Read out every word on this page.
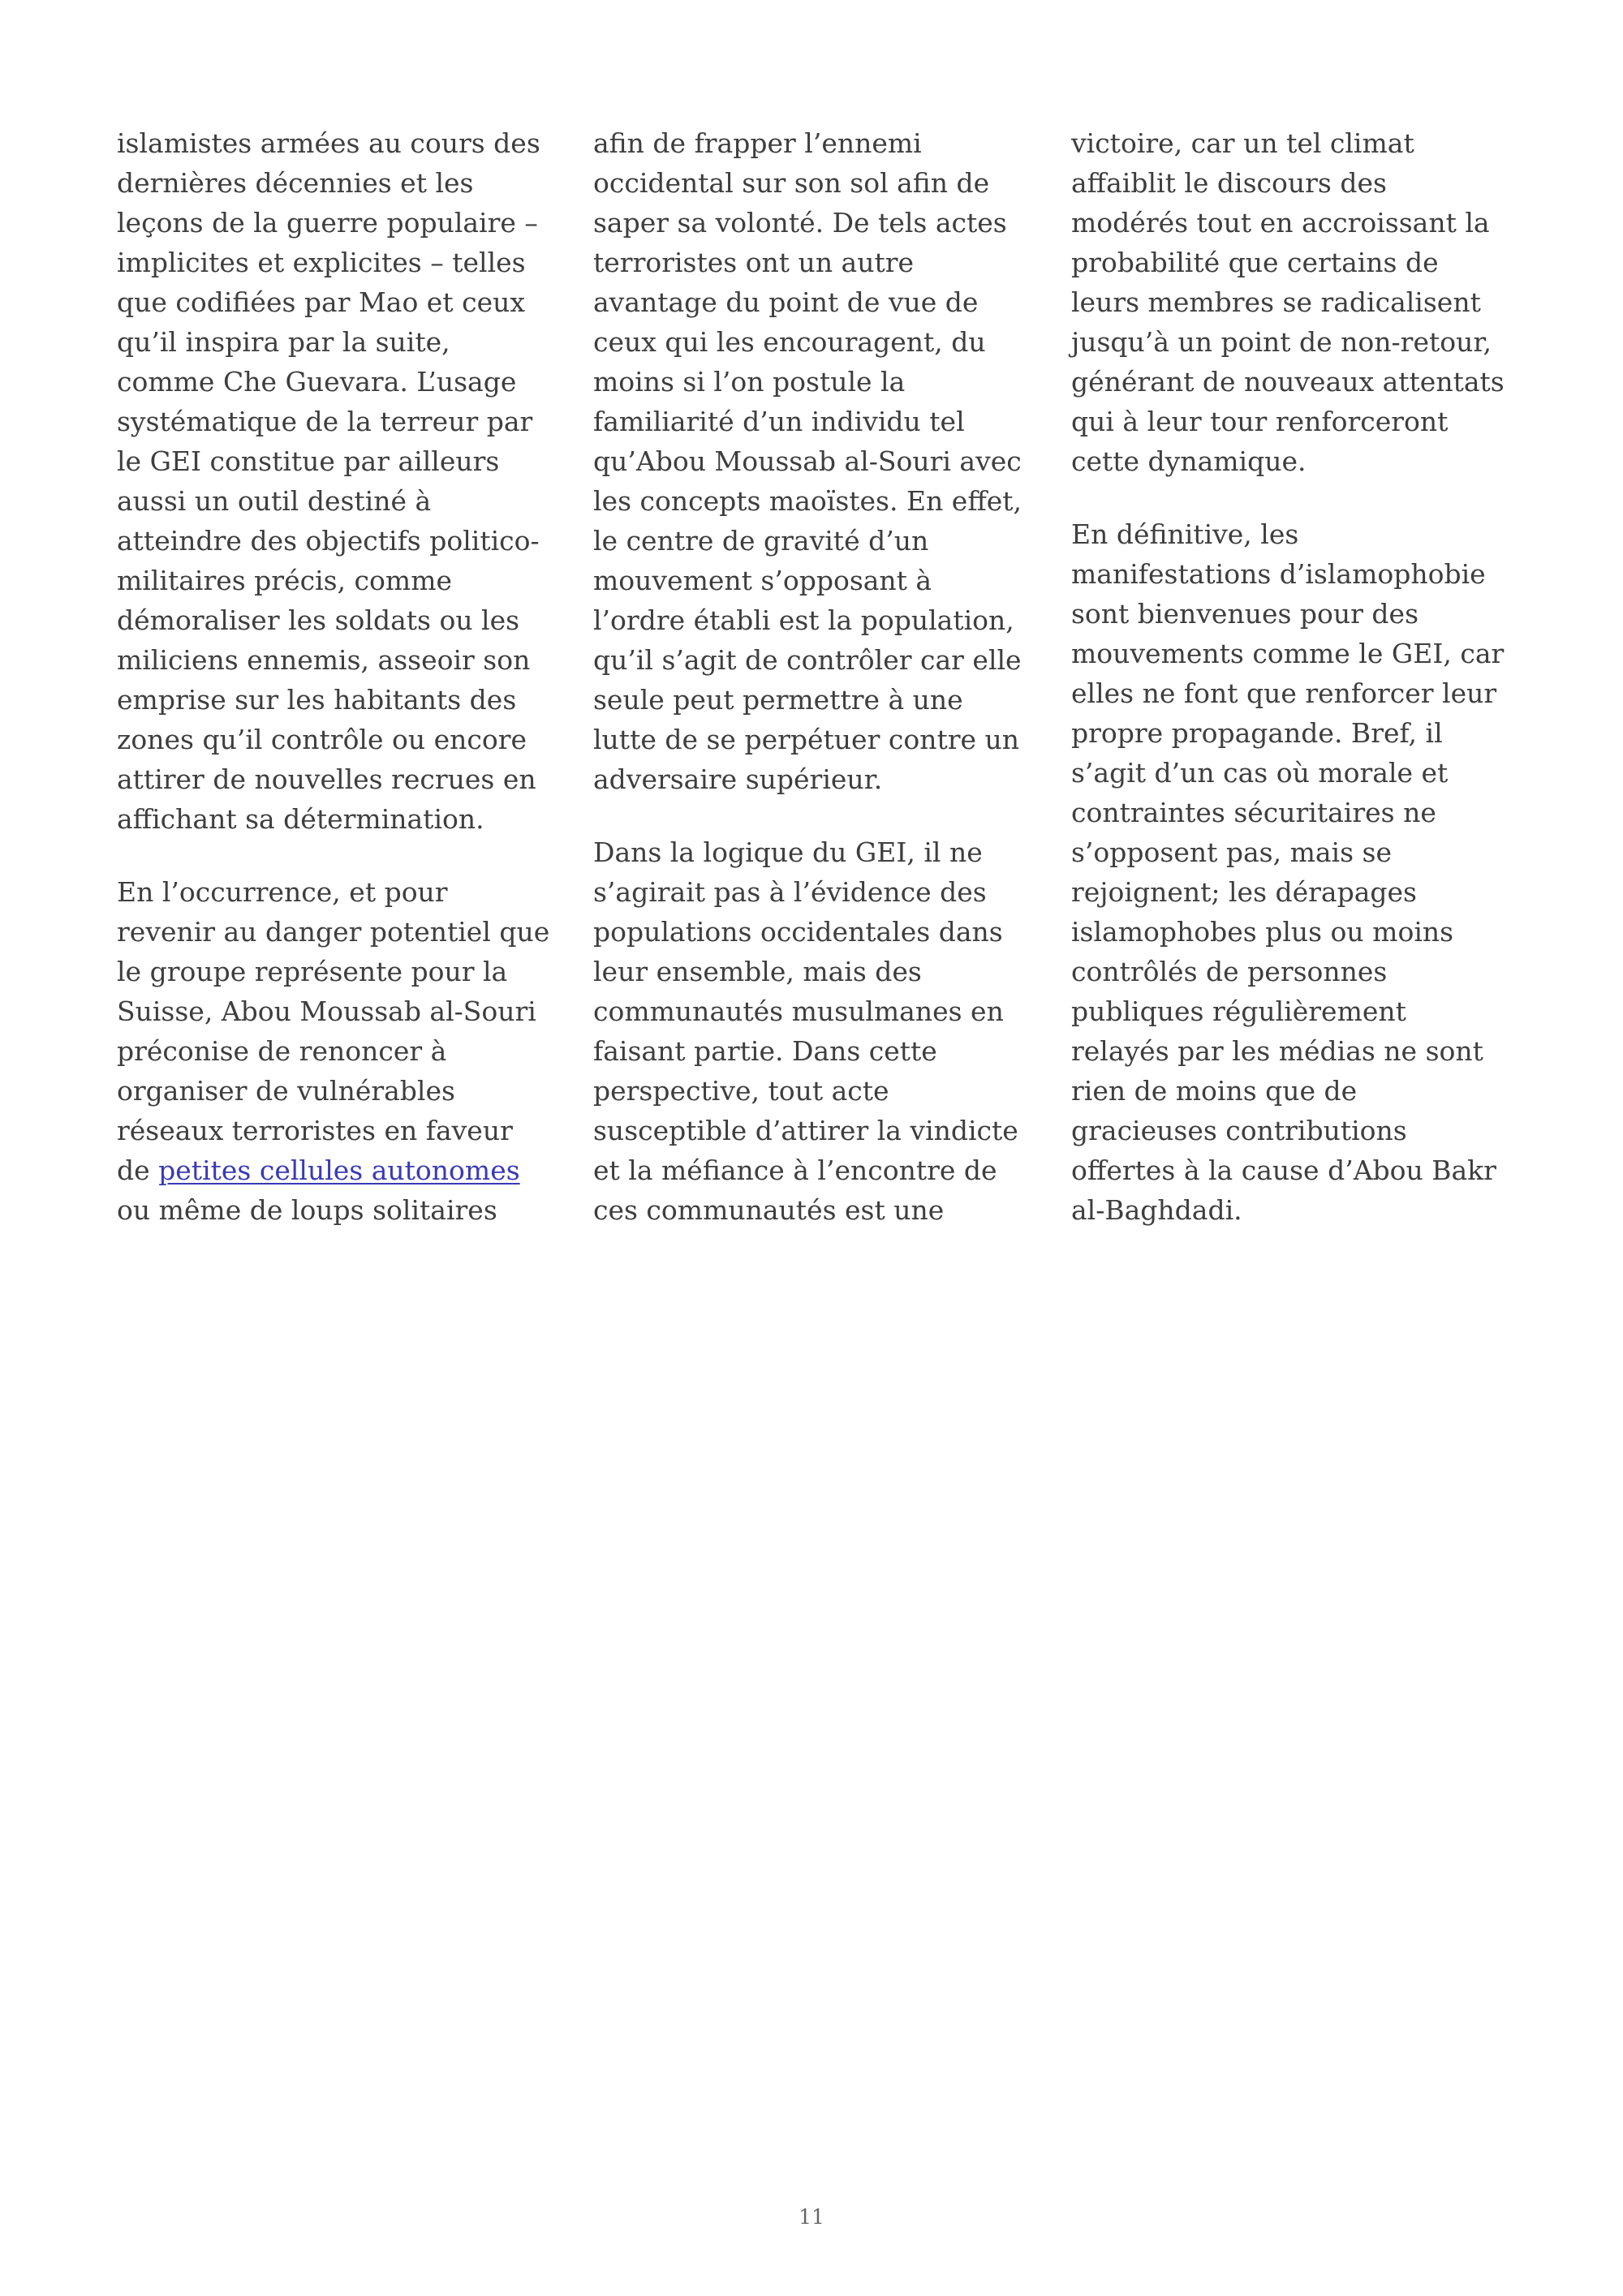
islamistes armées au cours des
dernières décennies et les
leçons de la guerre populaire –
implicites et explicites – telles
que codifiées par Mao et ceux
qu’il inspira par la suite,
comme Che Guevara. L’usage
systématique de la terreur par
le GEI constitue par ailleurs
aussi un outil destiné à
atteindre des objectifs politico-
militaires précis, comme
démoraliser les soldats ou les
miliciens ennemis, asseoir son
emprise sur les habitants des
zones qu’il contrôle ou encore
attirer de nouvelles recrues en
affichant sa détermination.

En l’occurrence, et pour
revenir au danger potentiel que
le groupe représente pour la
Suisse, Abou Moussab al-Souri
préconise de renoncer à
organiser de vulnérables
réseaux terroristes en faveur
de petites cellules autonomes
ou même de loups solitaires

afin de frapper l’ennemi
occidental sur son sol afin de
saper sa volonté. De tels actes
terroristes ont un autre
avantage du point de vue de
ceux qui les encouragent, du
moins si l’on postule la
familiarité d’un individu tel
qu’Abou Moussab al-Souri avec
les concepts maoïstes. En effet,
le centre de gravité d’un
mouvement s’opposant à
l’ordre établi est la population,
qu’il s’agit de contrôler car elle
seule peut permettre à une
lutte de se perpétuer contre un
adversaire supérieur.

Dans la logique du GEI, il ne
s’agirait pas à l’évidence des
populations occidentales dans
leur ensemble, mais des
communautés musulmanes en
faisant partie. Dans cette
perspective, tout acte
susceptible d’attirer la vindicte
et la méfiance à l’encontre de
ces communautés est une

victoire, car un tel climat
affaiblit le discours des
modérés tout en accroissant la
probabilité que certains de
leurs membres se radicalisent
jusqu’à un point de non-retour,
générant de nouveaux attentats
qui à leur tour renforceront
cette dynamique.

En définitive, les
manifestations d’islamophobie
sont bienvenues pour des
mouvements comme le GEI, car
elles ne font que renforcer leur
propre propagande. Bref, il
s’agit d’un cas où morale et
contraintes sécuritaires ne
s’opposent pas, mais se
rejoignent; les dérapages
islamophobes plus ou moins
contrôlés de personnes
publiques régulièrement
relayés par les médias ne sont
rien de moins que de
gracieuses contributions
offertes à la cause d’Abou Bakr
al-Baghdadi.

11
